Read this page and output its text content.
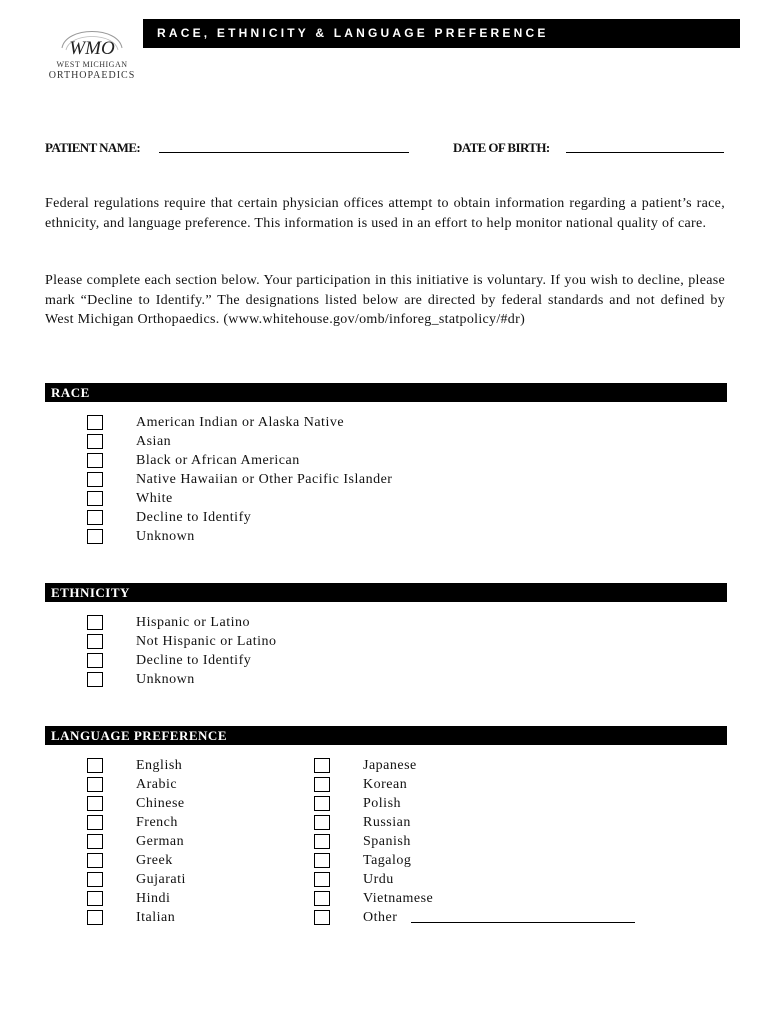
WMO
WEST MICHIGAN
ORTHOPAEDICS
RACE, ETHNICITY & LANGUAGE PREFERENCE
PATIENT NAME:	DATE OF BIRTH:

Federal regulations require that certain physician offices attempt to obtain information regarding a patient’s race, ethnicity, and language preference. This information is used in an effort to help monitor national quality of care.

Please complete each section below. Your participation in this initiative is voluntary. If you wish to decline, please mark “Decline to Identify.” The designations listed below are directed by federal standards and not defined by West Michigan Orthopaedics. (www.whitehouse.gov/omb/inforeg_statpolicy/#dr)

RACE
American Indian or Alaska Native
Asian
Black or African American
Native Hawaiian or Other Pacific Islander
White
Decline to Identify
Unknown
ETHNICITY
Hispanic or Latino
Not Hispanic or Latino
Decline to Identify
Unknown
LANGUAGE PREFERENCE
English
Arabic
Chinese
French
German
Greek
Gujarati
Hindi
Italian
Japanese
Korean
Polish
Russian
Spanish
Tagalog
Urdu
Vietnamese
Other
